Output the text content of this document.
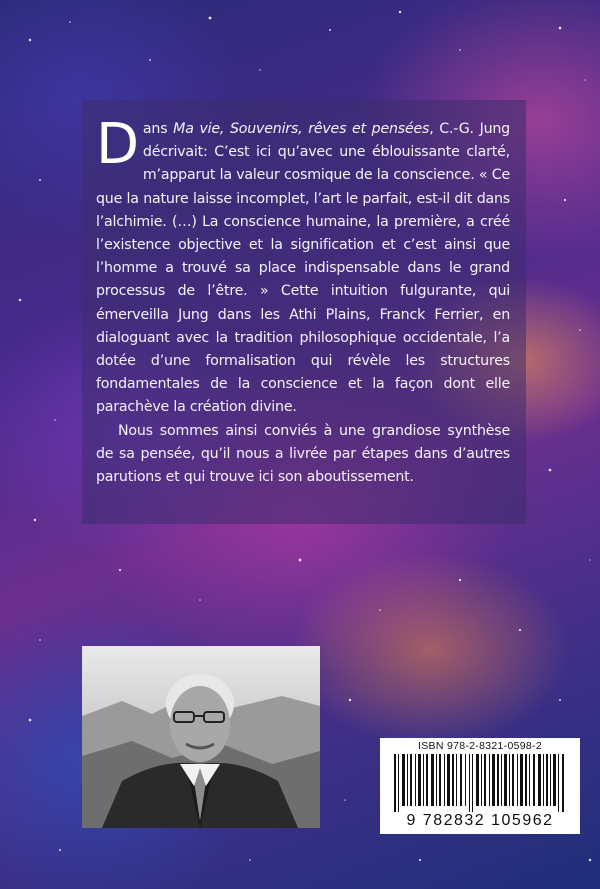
Dans Ma vie, Souvenirs, rêves et pensées, C.-G. Jung décrivait: C’est ici qu’avec une éblouissante clarté, m’apparut la valeur cosmique de la conscience. « Ce que la nature laisse incomplet, l’art le parfait, est-il dit dans l’alchimie. (…) La conscience humaine, la première, a créé l’existence objective et la signification et c’est ainsi que l’homme a trouvé sa place indispensable dans le grand processus de l’être. » Cette intuition fulgurante, qui émerveilla Jung dans les Athi Plains, Franck Ferrier, en dialoguant avec la tradition philosophique occidentale, l’a dotée d’une formalisation qui révèle les structures fondamentales de la conscience et la façon dont elle parachève la création divine.

Nous sommes ainsi conviés à une grandiose synthèse de sa pensée, qu’il nous a livrée par étapes dans d’autres parutions et qui trouve ici son aboutissement.

ISBN 978-2-8321-0598-2
9 782832 105962
